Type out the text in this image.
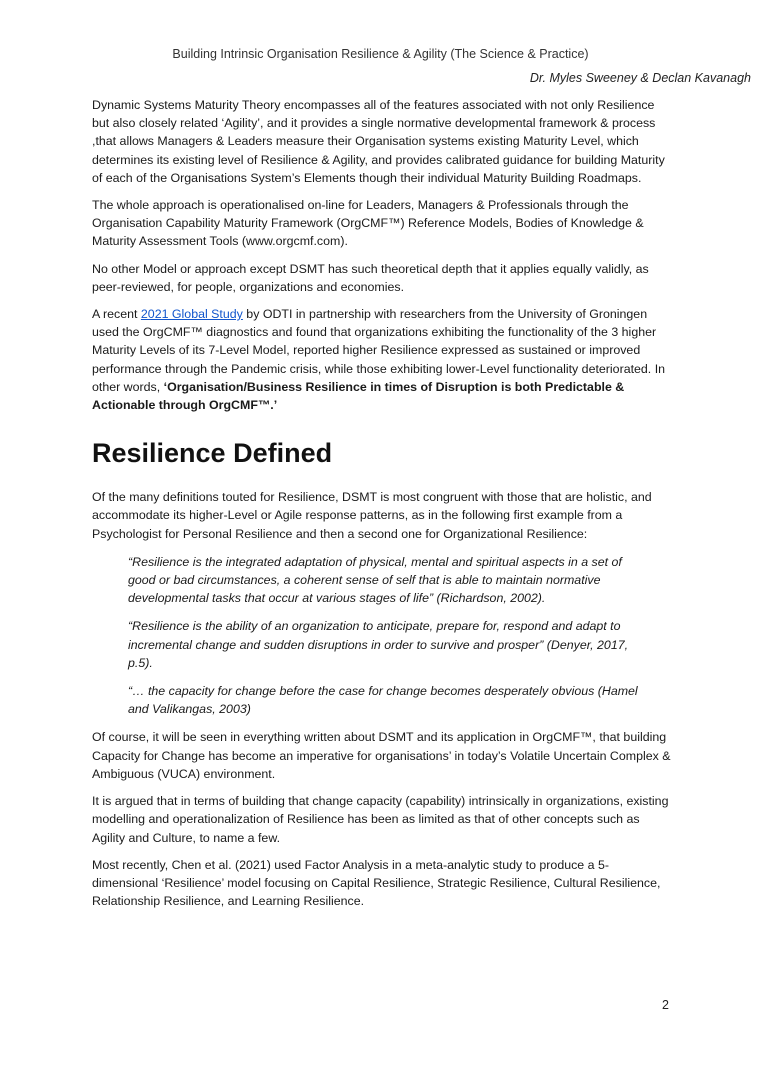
Building Intrinsic Organisation Resilience & Agility (The Science & Practice)
Dr. Myles Sweeney & Declan Kavanagh

Dynamic Systems Maturity Theory encompasses all of the features associated with not only Resilience but also closely related ‘Agility’, and it provides a single normative developmental framework & process ,that allows Managers & Leaders measure their Organisation systems existing Maturity Level, which determines its existing level of Resilience & Agility, and provides calibrated guidance for building Maturity of each of the Organisations System’s Elements though their individual Maturity Building Roadmaps.

The whole approach is operationalised on-line for Leaders, Managers & Professionals through the Organisation Capability Maturity Framework (OrgCMF™) Reference Models, Bodies of Knowledge & Maturity Assessment Tools (www.orgcmf.com).

No other Model or approach except DSMT has such theoretical depth that it applies equally validly, as peer-reviewed, for people, organizations and economies.

A recent 2021 Global Study by ODTI in partnership with researchers from the University of Groningen used the OrgCMF™ diagnostics and found that organizations exhibiting the functionality of the 3 higher Maturity Levels of its 7-Level Model, reported higher Resilience expressed as sustained or improved performance through the Pandemic crisis, while those exhibiting lower-Level functionality deteriorated. In other words, ‘Organisation/Business Resilience in times of Disruption is both Predictable & Actionable through OrgCMF™.’

Resilience Defined

Of the many definitions touted for Resilience, DSMT is most congruent with those that are holistic, and accommodate its higher-Level or Agile response patterns, as in the following first example from a Psychologist for Personal Resilience and then a second one for Organizational Resilience:

“Resilience is the integrated adaptation of physical, mental and spiritual aspects in a set of good or bad circumstances, a coherent sense of self that is able to maintain normative developmental tasks that occur at various stages of life” (Richardson, 2002).

“Resilience is the ability of an organization to anticipate, prepare for, respond and adapt to incremental change and sudden disruptions in order to survive and prosper” (Denyer, 2017, p.5).

“… the capacity for change before the case for change becomes desperately obvious (Hamel and Valikangas, 2003)

Of course, it will be seen in everything written about DSMT and its application in OrgCMF™, that building Capacity for Change has become an imperative for organisations’ in today’s Volatile Uncertain Complex & Ambiguous (VUCA) environment.

It is argued that in terms of building that change capacity (capability) intrinsically in organizations, existing modelling and operationalization of Resilience has been as limited as that of other concepts such as Agility and Culture, to name a few.

Most recently, Chen et al. (2021) used Factor Analysis in a meta-analytic study to produce a 5-dimensional ‘Resilience’ model focusing on Capital Resilience, Strategic Resilience, Cultural Resilience, Relationship Resilience, and Learning Resilience.

2
